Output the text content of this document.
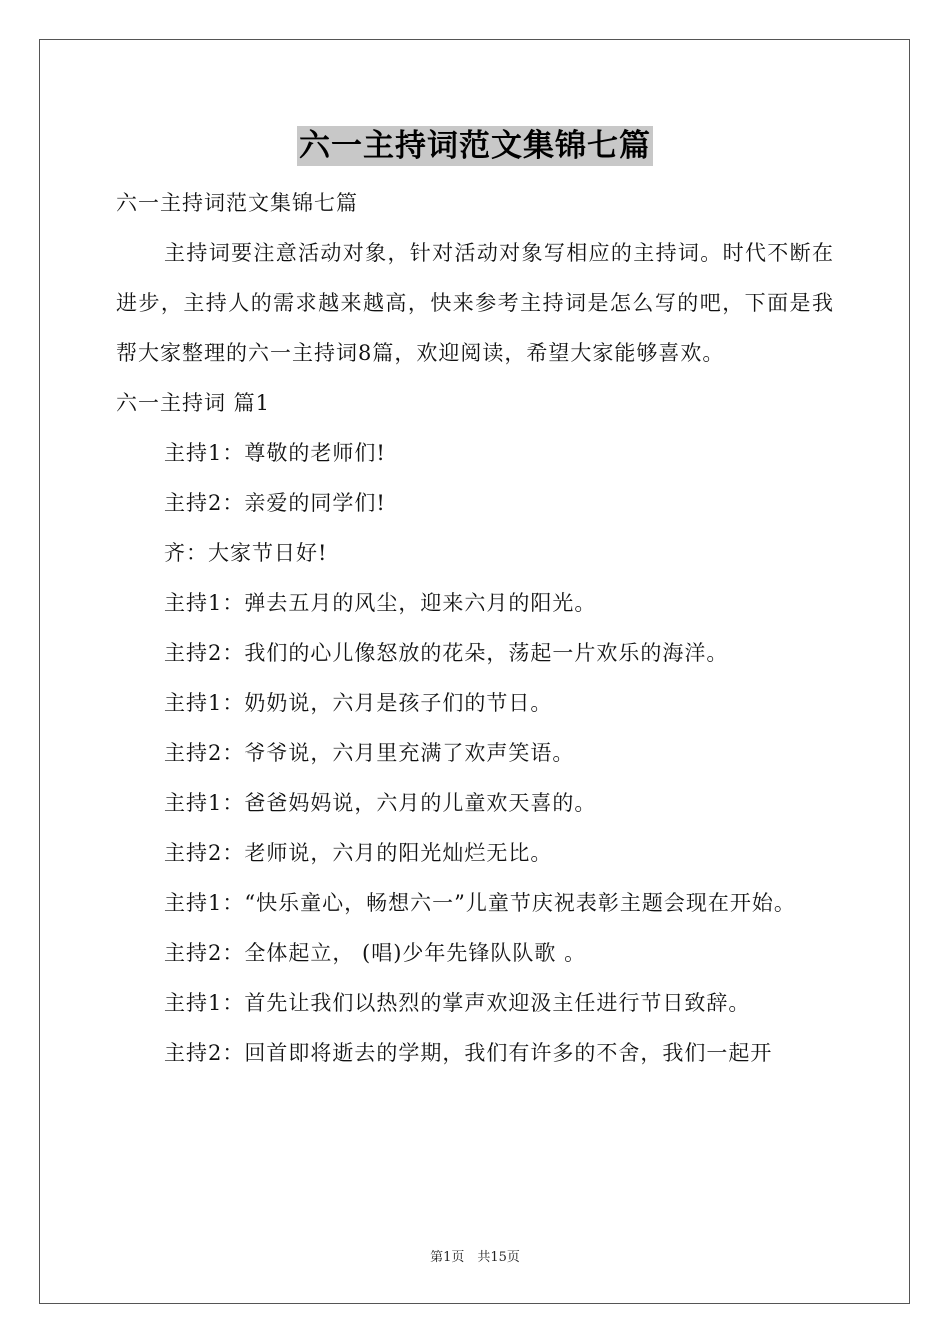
六一主持词范文集锦七篇

六一主持词范文集锦七篇

主持词要注意活动对象，针对活动对象写相应的主持词。时代不断在进步，主持人的需求越来越高，快来参考主持词是怎么写的吧，下面是我帮大家整理的六一主持词8篇，欢迎阅读，希望大家能够喜欢。

六一主持词 篇1

主持1：尊敬的老师们!

主持2：亲爱的同学们!

齐：大家节日好!

主持1：弹去五月的风尘，迎来六月的阳光。

主持2：我们的心儿像怒放的花朵，荡起一片欢乐的海洋。

主持1：奶奶说，六月是孩子们的节日。

主持2：爷爷说，六月里充满了欢声笑语。

主持1：爸爸妈妈说，六月的儿童欢天喜的。

主持2：老师说，六月的阳光灿烂无比。

主持1：“快乐童心，畅想六一”儿童节庆祝表彰主题会现在开始。

主持2：全体起立， (唱)少年先锋队队歌 。

主持1：首先让我们以热烈的掌声欢迎汲主任进行节日致辞。

主持2：回首即将逝去的学期，我们有许多的不舍，我们一起开

第1页　共15页
